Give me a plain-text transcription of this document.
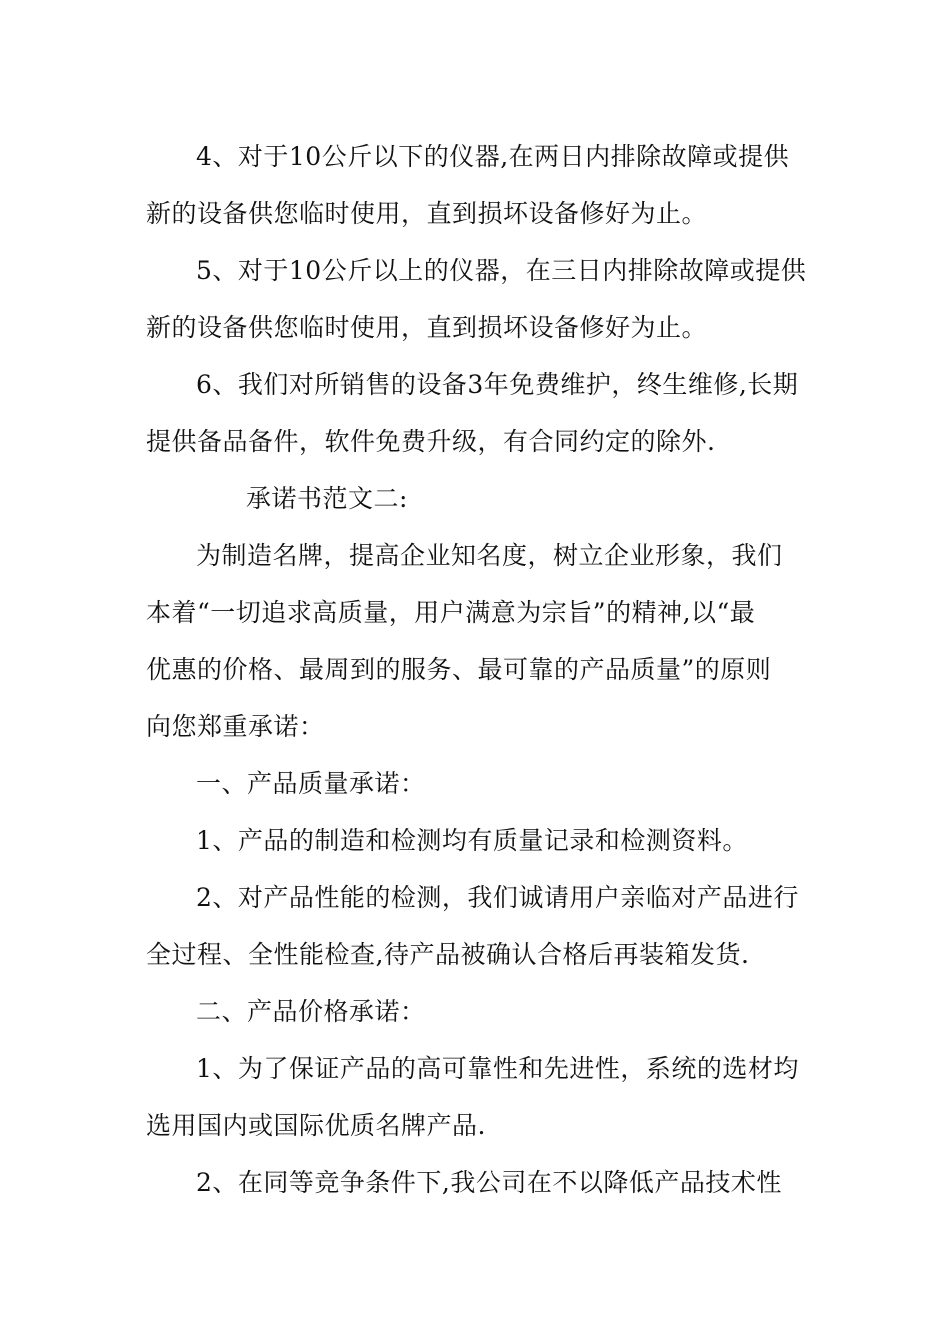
4、对于10公斤以下的仪器,在两日内排除故障或提供
新的设备供您临时使用，直到损坏设备修好为止。

5、对于10公斤以上的仪器，在三日内排除故障或提供
新的设备供您临时使用，直到损坏设备修好为止。

6、我们对所销售的设备3年免费维护，终生维修,长期
提供备品备件，软件免费升级，有合同约定的除外.

承诺书范文二:

为制造名牌，提高企业知名度，树立企业形象，我们
本着“一切追求高质量，用户满意为宗旨”的精神,以“最
优惠的价格、最周到的服务、最可靠的产品质量”的原则
向您郑重承诺：

一、产品质量承诺：

1、产品的制造和检测均有质量记录和检测资料。

2、对产品性能的检测，我们诚请用户亲临对产品进行
全过程、全性能检查,待产品被确认合格后再装箱发货.

二、产品价格承诺：

1、为了保证产品的高可靠性和先进性，系统的选材均
选用国内或国际优质名牌产品.

2、在同等竞争条件下,我公司在不以降低产品技术性
